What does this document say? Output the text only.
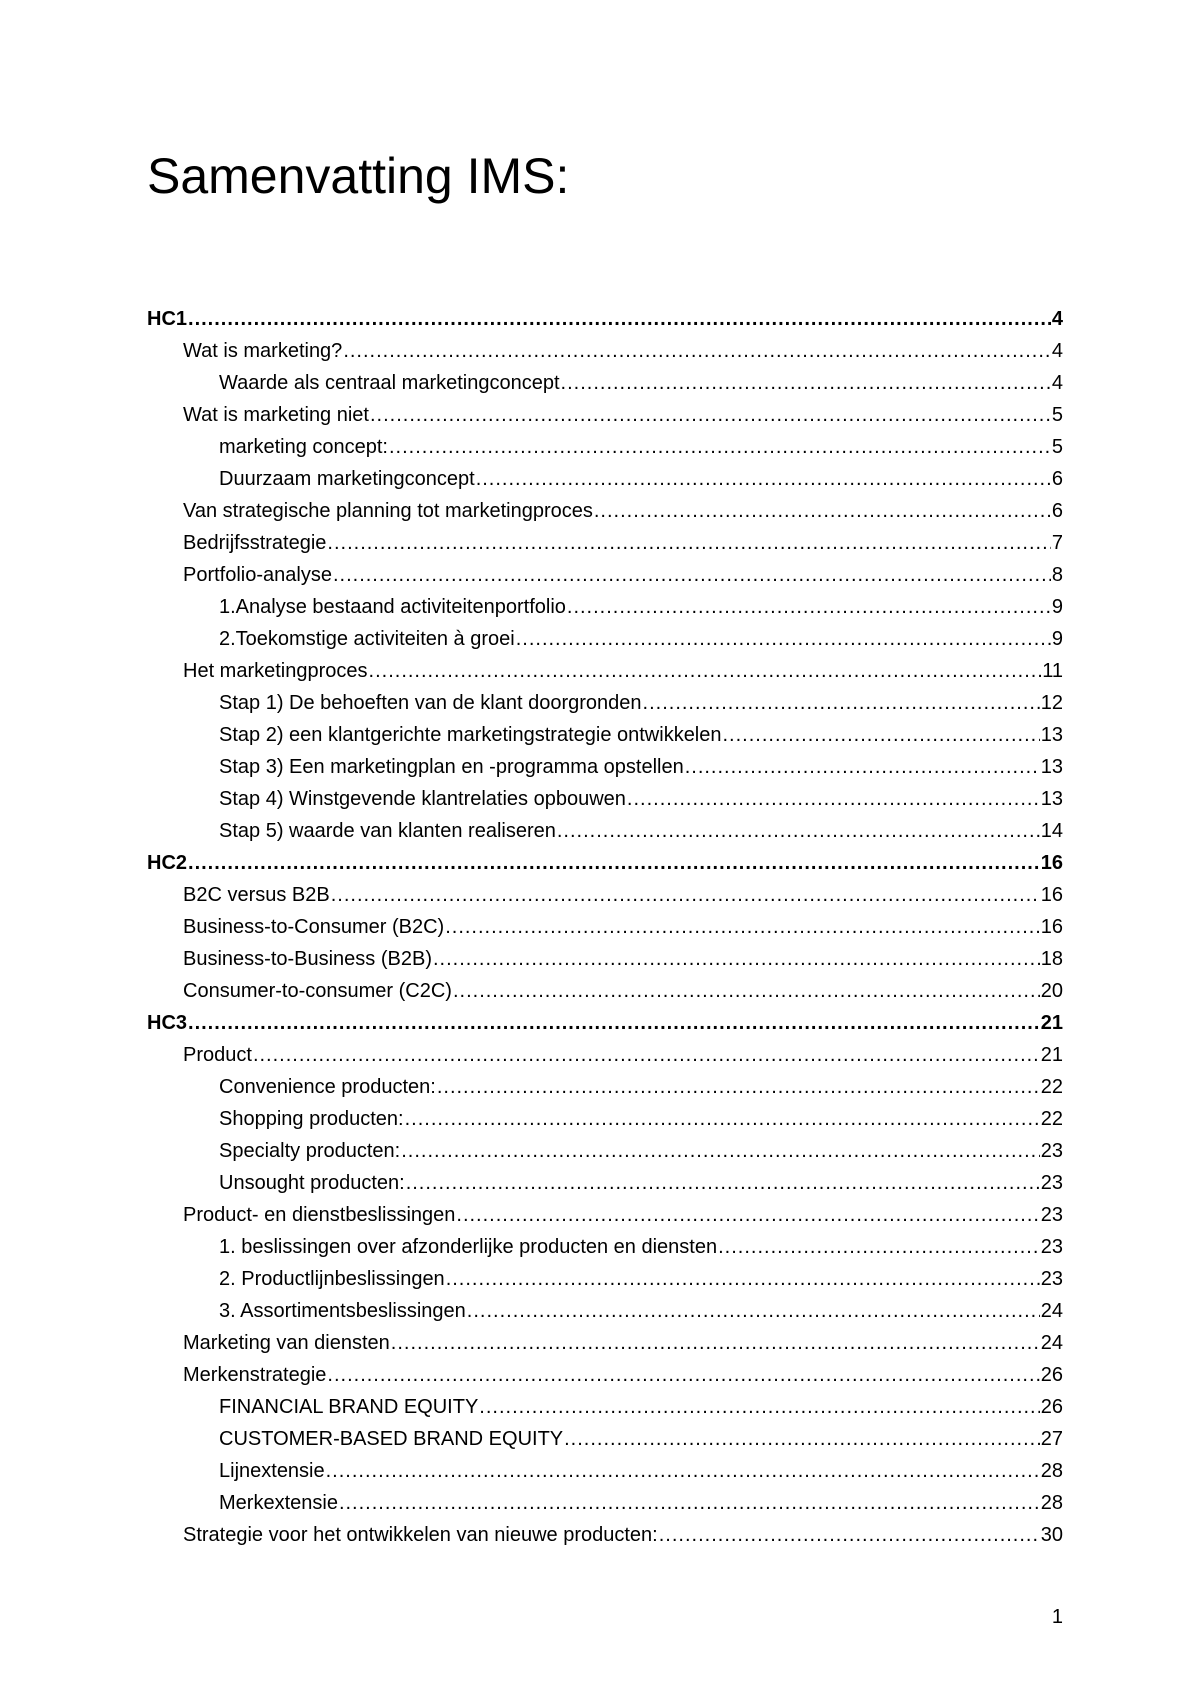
Samenvatting IMS:
HC1 .....	4
Wat is marketing? .....	4
Waarde als centraal marketingconcept .....	4
Wat is marketing niet .....	5
marketing concept: .....	5
Duurzaam marketingconcept .....	6
Van strategische planning tot marketingproces .....	6
Bedrijfsstrategie .....	7
Portfolio-analyse .....	8
1.Analyse bestaand activiteitenportfolio .....	9
2.Toekomstige activiteiten à groei .....	9
Het marketingproces .....	11
Stap 1) De behoeften van de klant doorgronden .....	12
Stap 2) een klantgerichte marketingstrategie ontwikkelen .....	13
Stap 3) Een marketingplan en -programma opstellen .....	13
Stap 4) Winstgevende klantrelaties opbouwen .....	13
Stap 5) waarde van klanten realiseren .....	14
HC2 .....	16
B2C versus B2B .....	16
Business-to-Consumer (B2C) .....	16
Business-to-Business (B2B) .....	18
Consumer-to-consumer (C2C) .....	20
HC3 .....	21
Product .....	21
Convenience producten: .....	22
Shopping producten: .....	22
Specialty producten: .....	23
Unsought producten: .....	23
Product- en dienstbeslissingen .....	23
1. beslissingen over afzonderlijke producten en diensten .....	23
2. Productlijnbeslissingen .....	23
3. Assortimentsbeslissingen .....	24
Marketing van diensten .....	24
Merkenstrategie .....	26
FINANCIAL BRAND EQUITY .....	26
CUSTOMER-BASED BRAND EQUITY .....	27
Lijnextensie .....	28
Merkextensie .....	28
Strategie voor het ontwikkelen van nieuwe producten: .....	30
1
